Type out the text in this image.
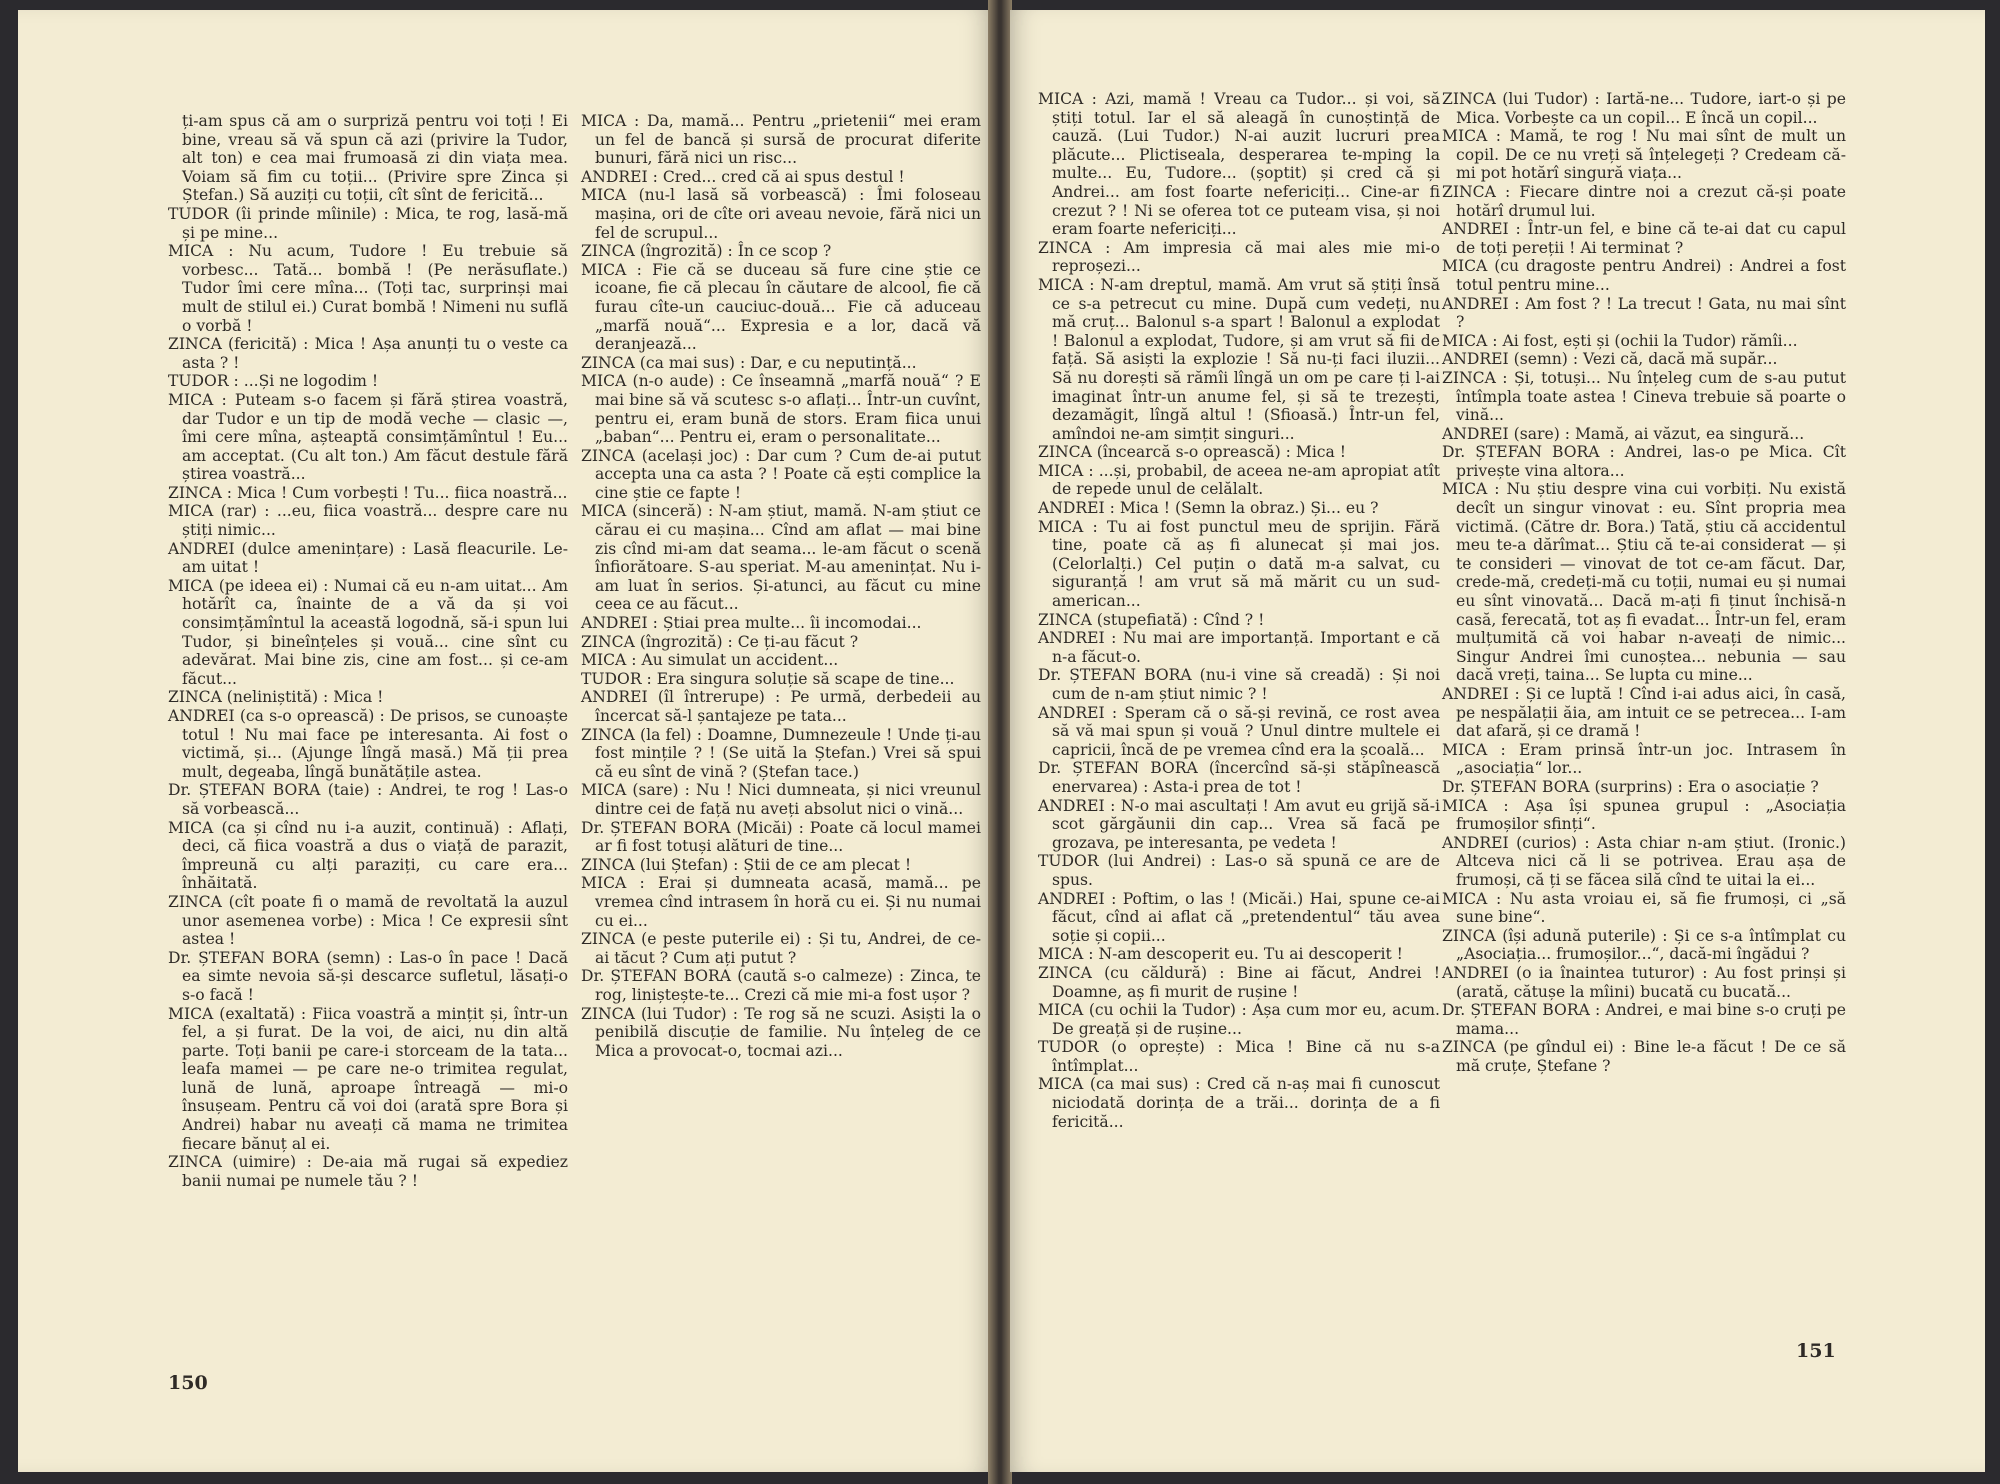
ți-am spus că am o surpriză pentru voi toți ! Ei bine, vreau să vă spun că azi (privire la Tudor, alt ton) e cea mai frumoasă zi din viața mea. Voiam să fim cu toții... (Privire spre Zinca și Ștefan.) Să auziți cu toții, cît sînt de fericită...

TUDOR (îi prinde mîinile) : Mica, te rog, lasă-mă și pe mine...

MICA : Nu acum, Tudore ! Eu trebuie să vorbesc... Tată... bombă ! (Pe nerăsuflate.) Tudor îmi cere mîna... (Toți tac, surprinși mai mult de stilul ei.) Curat bombă ! Nimeni nu suflă o vorbă !

ZINCA (fericită) : Mica ! Așa anunți tu o veste ca asta ? !

TUDOR : ...Și ne logodim !

MICA : Puteam s-o facem și fără știrea voastră, dar Tudor e un tip de modă veche — clasic —, îmi cere mîna, așteaptă consimțămîntul ! Eu... am acceptat. (Cu alt ton.) Am făcut destule fără știrea voastră...

ZINCA : Mica ! Cum vorbești ! Tu... fiica noastră...

MICA (rar) : ...eu, fiica voastră... despre care nu știți nimic...

ANDREI (dulce amenințare) : Lasă fleacurile. Le-am uitat !

MICA (pe ideea ei) : Numai că eu n-am uitat... Am hotărît ca, înainte de a vă da și voi consimțămîntul la această logodnă, să-i spun lui Tudor, și bineînțeles și vouă... cine sînt cu adevărat. Mai bine zis, cine am fost... și ce-am făcut...

ZINCA (neliniștită) : Mica !

ANDREI (ca s-o oprească) : De prisos, se cunoaște totul ! Nu mai face pe interesanta. Ai fost o victimă, și... (Ajunge lîngă masă.) Mă ții prea mult, degeaba, lîngă bunătățile astea.

Dr. ȘTEFAN BORA (taie) : Andrei, te rog ! Las-o să vorbească...

MICA (ca și cînd nu i-a auzit, continuă) : Aflați, deci, că fiica voastră a dus o viață de parazit, împreună cu alți paraziți, cu care era... înhăitată.

ZINCA (cît poate fi o mamă de revoltată la auzul unor asemenea vorbe) : Mica ! Ce expresii sînt astea !

Dr. ȘTEFAN BORA (semn) : Las-o în pace ! Dacă ea simte nevoia să-și descarce sufletul, lăsați-o s-o facă !

MICA (exaltată) : Fiica voastră a mințit și, într-un fel, a și furat. De la voi, de aici, nu din altă parte. Toți banii pe care-i storceam de la tata... leafa mamei — pe care ne-o trimitea regulat, lună de lună, aproape întreagă — mi-o însușeam. Pentru că voi doi (arată spre Bora și Andrei) habar nu aveați că mama ne trimitea fiecare bănuț al ei.

ZINCA (uimire) : De-aia mă rugai să expediez banii numai pe numele tău ? !

MICA : Da, mamă... Pentru „prietenii“ mei eram un fel de bancă și sursă de procurat diferite bunuri, fără nici un risc...

ANDREI : Cred... cred că ai spus destul !

MICA (nu-l lasă să vorbească) : Îmi foloseau mașina, ori de cîte ori aveau nevoie, fără nici un fel de scrupul...

ZINCA (îngrozită) : În ce scop ?

MICA : Fie că se duceau să fure cine știe ce icoane, fie că plecau în căutare de alcool, fie că furau cîte-un cauciuc-două... Fie că aduceau „marfă nouă“... Expresia e a lor, dacă vă deranjează...

ZINCA (ca mai sus) : Dar, e cu neputință...

MICA (n-o aude) : Ce înseamnă „marfă nouă“ ? E mai bine să vă scutesc s-o aflați... Într-un cuvînt, pentru ei, eram bună de stors. Eram fiica unui „baban“... Pentru ei, eram o personalitate...

ZINCA (același joc) : Dar cum ? Cum de-ai putut accepta una ca asta ? ! Poate că ești complice la cine știe ce fapte !

MICA (sinceră) : N-am știut, mamă. N-am știut ce cărau ei cu mașina... Cînd am aflat — mai bine zis cînd mi-am dat seama... le-am făcut o scenă înfiorătoare. S-au speriat. M-au amenințat. Nu i-am luat în serios. Și-atunci, au făcut cu mine ceea ce au făcut...

ANDREI : Știai prea multe... îi incomodai...

ZINCA (îngrozită) : Ce ți-au făcut ?

MICA : Au simulat un accident...

TUDOR : Era singura soluție să scape de tine...

ANDREI (îl întrerupe) : Pe urmă, derbedeii au încercat să-l șantajeze pe tata...

ZINCA (la fel) : Doamne, Dumnezeule ! Unde ți-au fost mințile ? ! (Se uită la Ștefan.) Vrei să spui că eu sînt de vină ? (Ștefan tace.)

MICA (sare) : Nu ! Nici dumneata, și nici vreunul dintre cei de față nu aveți absolut nici o vină...

Dr. ȘTEFAN BORA (Micăi) : Poate că locul mamei ar fi fost totuși alături de tine...

ZINCA (lui Ștefan) : Știi de ce am plecat !

MICA : Erai și dumneata acasă, mamă... pe vremea cînd intrasem în horă cu ei. Și nu numai cu ei...

ZINCA (e peste puterile ei) : Și tu, Andrei, de ce-ai tăcut ? Cum ați putut ?

Dr. ȘTEFAN BORA (caută s-o calmeze) : Zinca, te rog, liniștește-te... Crezi că mie mi-a fost ușor ?

ZINCA (lui Tudor) : Te rog să ne scuzi. Asiști la o penibilă discuție de familie. Nu înțeleg de ce Mica a provocat-o, tocmai azi...

150

MICA : Azi, mamă ! Vreau ca Tudor... și voi, să știți totul. Iar el să aleagă în cunoștință de cauză. (Lui Tudor.) N-ai auzit lucruri prea plăcute... Plictiseala, desperarea te-mping la multe... Eu, Tudore... (șoptit) și cred că și Andrei... am fost foarte nefericiți... Cine-ar fi crezut ? ! Ni se oferea tot ce puteam visa, și noi eram foarte nefericiți...

ZINCA : Am impresia că mai ales mie mi-o reproșezi...

MICA : N-am dreptul, mamă. Am vrut să știți însă ce s-a petrecut cu mine. După cum vedeți, nu mă cruț... Balonul s-a spart ! Balonul a explodat ! Balonul a explodat, Tudore, și am vrut să fii de față. Să asiști la explozie ! Să nu-ți faci iluzii... Să nu dorești să rămîi lîngă un om pe care ți l-ai imaginat într-un anume fel, și să te trezești, dezamăgit, lîngă altul ! (Sfioasă.) Într-un fel, amîndoi ne-am simțit singuri...

ZINCA (încearcă s-o oprească) : Mica !

MICA : ...și, probabil, de aceea ne-am apropiat atît de repede unul de celălalt.

ANDREI : Mica ! (Semn la obraz.) Și... eu ?

MICA : Tu ai fost punctul meu de sprijin. Fără tine, poate că aș fi alunecat și mai jos. (Celorlalți.) Cel puțin o dată m-a salvat, cu siguranță ! am vrut să mă mărit cu un sud-american...

ZINCA (stupefiată) : Cînd ? !

ANDREI : Nu mai are importanță. Important e că n-a făcut-o.

Dr. ȘTEFAN BORA (nu-i vine să creadă) : Și noi cum de n-am știut nimic ? !

ANDREI : Speram că o să-și revină, ce rost avea să vă mai spun și vouă ? Unul dintre multele ei capricii, încă de pe vremea cînd era la școală...

Dr. ȘTEFAN BORA (încercînd să-și stăpînească enervarea) : Asta-i prea de tot !

ANDREI : N-o mai ascultați ! Am avut eu grijă să-i scot gărgăunii din cap... Vrea să facă pe grozava, pe interesanta, pe vedeta !

TUDOR (lui Andrei) : Las-o să spună ce are de spus.

ANDREI : Poftim, o las ! (Micăi.) Hai, spune ce-ai făcut, cînd ai aflat că „pretendentul“ tău avea soție și copii...

MICA : N-am descoperit eu. Tu ai descoperit !

ZINCA (cu căldură) : Bine ai făcut, Andrei ! Doamne, aș fi murit de rușine !

MICA (cu ochii la Tudor) : Așa cum mor eu, acum. De greață și de rușine...

TUDOR (o oprește) : Mica ! Bine că nu s-a întîmplat...

MICA (ca mai sus) : Cred că n-aș mai fi cunoscut niciodată dorința de a trăi... dorința de a fi fericită...

ZINCA (lui Tudor) : Iartă-ne... Tudore, iart-o și pe Mica. Vorbește ca un copil... E încă un copil...

MICA : Mamă, te rog ! Nu mai sînt de mult un copil. De ce nu vreți să înțelegeți ? Credeam că-mi pot hotărî singură viața...

ZINCA : Fiecare dintre noi a crezut că-și poate hotărî drumul lui.

ANDREI : Într-un fel, e bine că te-ai dat cu capul de toți pereții ! Ai terminat ?

MICA (cu dragoste pentru Andrei) : Andrei a fost totul pentru mine...

ANDREI : Am fost ? ! La trecut ! Gata, nu mai sînt ?

MICA : Ai fost, ești și (ochii la Tudor) rămîi...

ANDREI (semn) : Vezi că, dacă mă supăr...

ZINCA : Și, totuși... Nu înțeleg cum de s-au putut întîmpla toate astea ! Cineva trebuie să poarte o vină...

ANDREI (sare) : Mamă, ai văzut, ea singură...

Dr. ȘTEFAN BORA : Andrei, las-o pe Mica. Cît privește vina altora...

MICA : Nu știu despre vina cui vorbiți. Nu există decît un singur vinovat : eu. Sînt propria mea victimă. (Către dr. Bora.) Tată, știu că accidentul meu te-a dărîmat... Știu că te-ai considerat — și te consideri — vinovat de tot ce-am făcut. Dar, crede-mă, credeți-mă cu toții, numai eu și numai eu sînt vinovată... Dacă m-ați fi ținut închisă-n casă, ferecată, tot aș fi evadat... Într-un fel, eram mulțumită că voi habar n-aveați de nimic... Singur Andrei îmi cunoștea... nebunia — sau dacă vreți, taina... Se lupta cu mine...

ANDREI : Și ce luptă ! Cînd i-ai adus aici, în casă, pe nespălații ăia, am intuit ce se petrecea... I-am dat afară, și ce dramă !

MICA : Eram prinsă într-un joc. Intrasem în „asociația“ lor...

Dr. ȘTEFAN BORA (surprins) : Era o asociație ?

MICA : Așa își spunea grupul : „Asociația frumoșilor sfinți“.

ANDREI (curios) : Asta chiar n-am știut. (Ironic.) Altceva nici că li se potrivea. Erau așa de frumoși, că ți se făcea silă cînd te uitai la ei...

MICA : Nu asta vroiau ei, să fie frumoși, ci „să sune bine“.

ZINCA (își adună puterile) : Și ce s-a întîmplat cu „Asociația... frumoșilor...“, dacă-mi îngădui ?

ANDREI (o ia înaintea tuturor) : Au fost prinși și (arată, cătușe la mîini) bucată cu bucată...

Dr. ȘTEFAN BORA : Andrei, e mai bine s-o cruți pe mama...

ZINCA (pe gîndul ei) : Bine le-a făcut ! De ce să mă cruțe, Ștefane ?

151
